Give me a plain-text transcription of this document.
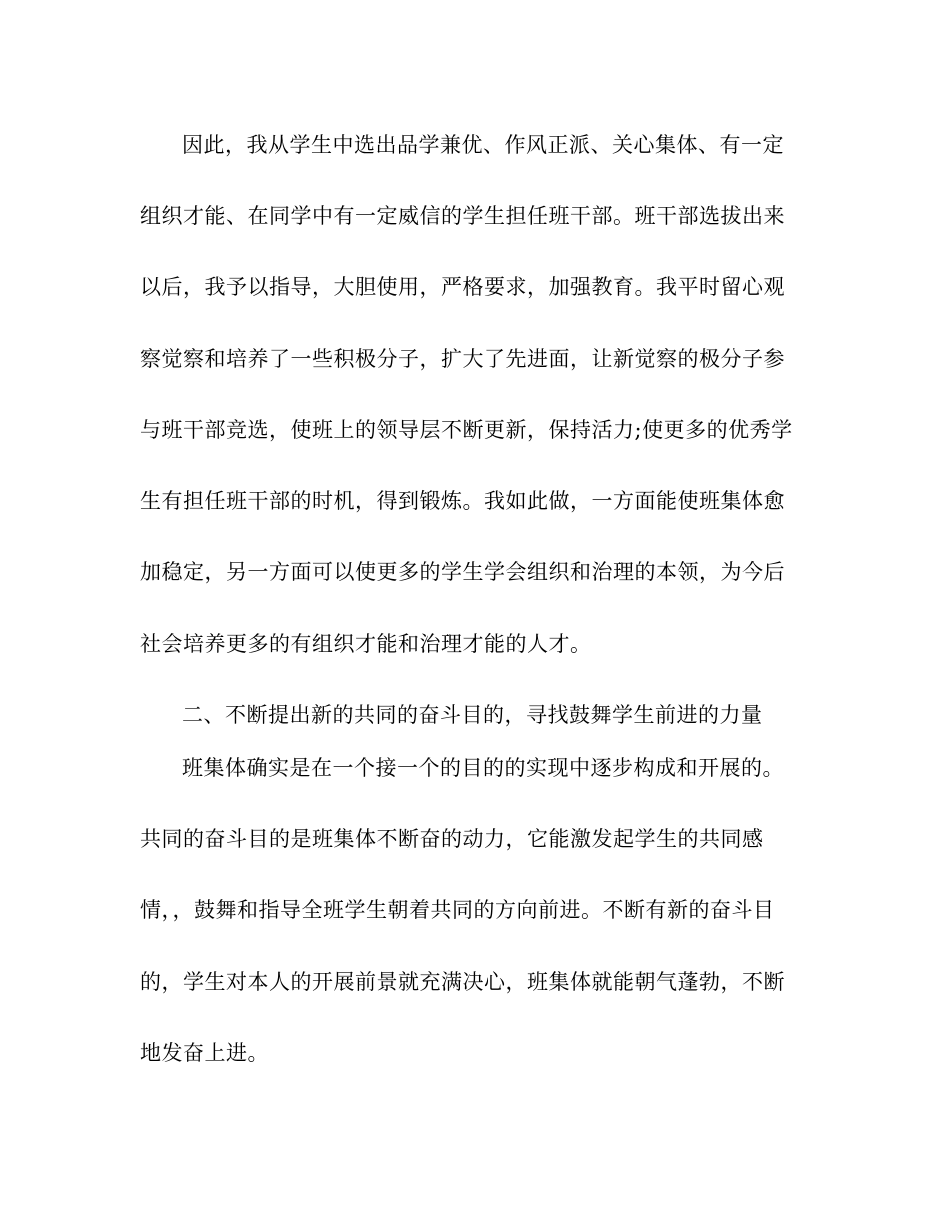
因此，我从学生中选出品学兼优、作风正派、关心集体、有一定
组织才能、在同学中有一定威信的学生担任班干部。班干部选拔出来
以后，我予以指导，大胆使用，严格要求，加强教育。我平时留心观
察觉察和培养了一些积极分子，扩大了先进面，让新觉察的极分子参
与班干部竞选，使班上的领导层不断更新，保持活力;使更多的优秀学
生有担任班干部的时机，得到锻炼。我如此做，一方面能使班集体愈
加稳定，另一方面可以使更多的学生学会组织和治理的本领，为今后
社会培养更多的有组织才能和治理才能的人才。
二、不断提出新的共同的奋斗目的，寻找鼓舞学生前进的力量
班集体确实是在一个接一个的目的的实现中逐步构成和开展的。
共同的奋斗目的是班集体不断奋的动力，它能激发起学生的共同感
情，，鼓舞和指导全班学生朝着共同的方向前进。不断有新的奋斗目
的，学生对本人的开展前景就充满决心，班集体就能朝气蓬勃，不断
地发奋上进。
